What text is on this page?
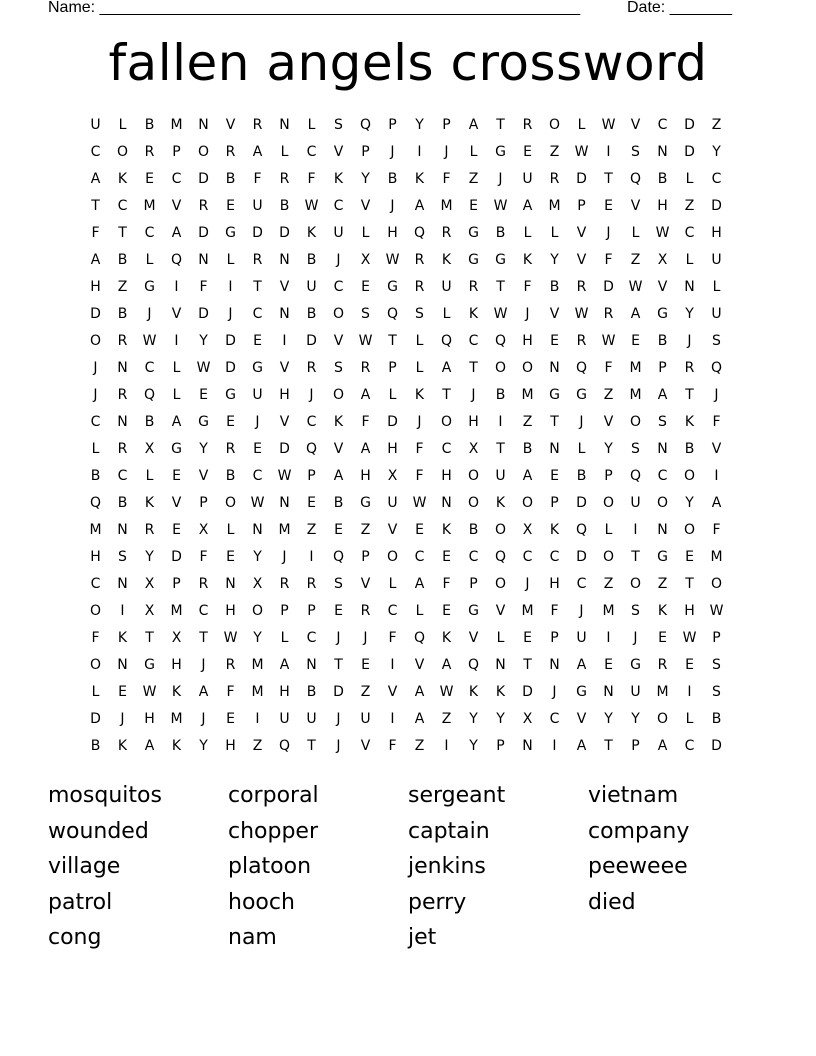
Name: ______________________________________________________	Date: _______
fallen angels crossword
U	L	B	M	N	V	R	N	L	S	Q	P	Y	P	A	T	R	O	L	W	V	C	D	Z
C	O	R	P	O	R	A	L	C	V	P	J	I	J	L	G	E	Z	W	I	S	N	D	Y
A	K	E	C	D	B	F	R	F	K	Y	B	K	F	Z	J	U	R	D	T	Q	B	L	C
T	C	M	V	R	E	U	B	W	C	V	J	A	M	E	W	A	M	P	E	V	H	Z	D
F	T	C	A	D	G	D	D	K	U	L	H	Q	R	G	B	L	L	V	J	L	W	C	H
A	B	L	Q	N	L	R	N	B	J	X	W	R	K	G	G	K	Y	V	F	Z	X	L	U
H	Z	G	I	F	I	T	V	U	C	E	G	R	U	R	T	F	B	R	D	W	V	N	L
D	B	J	V	D	J	C	N	B	O	S	Q	S	L	K	W	J	V	W	R	A	G	Y	U
O	R	W	I	Y	D	E	I	D	V	W	T	L	Q	C	Q	H	E	R	W	E	B	J	S
J	N	C	L	W	D	G	V	R	S	R	P	L	A	T	O	O	N	Q	F	M	P	R	Q
J	R	Q	L	E	G	U	H	J	O	A	L	K	T	J	B	M	G	G	Z	M	A	T	J
C	N	B	A	G	E	J	V	C	K	F	D	J	O	H	I	Z	T	J	V	O	S	K	F
L	R	X	G	Y	R	E	D	Q	V	A	H	F	C	X	T	B	N	L	Y	S	N	B	V
B	C	L	E	V	B	C	W	P	A	H	X	F	H	O	U	A	E	B	P	Q	C	O	I
Q	B	K	V	P	O	W	N	E	B	G	U	W	N	O	K	O	P	D	O	U	O	Y	A
M	N	R	E	X	L	N	M	Z	E	Z	V	E	K	B	O	X	K	Q	L	I	N	O	F
H	S	Y	D	F	E	Y	J	I	Q	P	O	C	E	C	Q	C	C	D	O	T	G	E	M
C	N	X	P	R	N	X	R	R	S	V	L	A	F	P	O	J	H	C	Z	O	Z	T	O
O	I	X	M	C	H	O	P	P	E	R	C	L	E	G	V	M	F	J	M	S	K	H	W
F	K	T	X	T	W	Y	L	C	J	J	F	Q	K	V	L	E	P	U	I	J	E	W	P
O	N	G	H	J	R	M	A	N	T	E	I	V	A	Q	N	T	N	A	E	G	R	E	S
L	E	W	K	A	F	M	H	B	D	Z	V	A	W	K	K	D	J	G	N	U	M	I	S
D	J	H	M	J	E	I	U	U	J	U	I	A	Z	Y	Y	X	C	V	Y	Y	O	L	B
B	K	A	K	Y	H	Z	Q	T	J	V	F	Z	I	Y	P	N	I	A	T	P	A	C	D
mosquitos	corporal	sergeant	vietnam
wounded	chopper	captain	company
village	platoon	jenkins	peeweee
patrol	hooch	perry	died
cong	nam	jet
